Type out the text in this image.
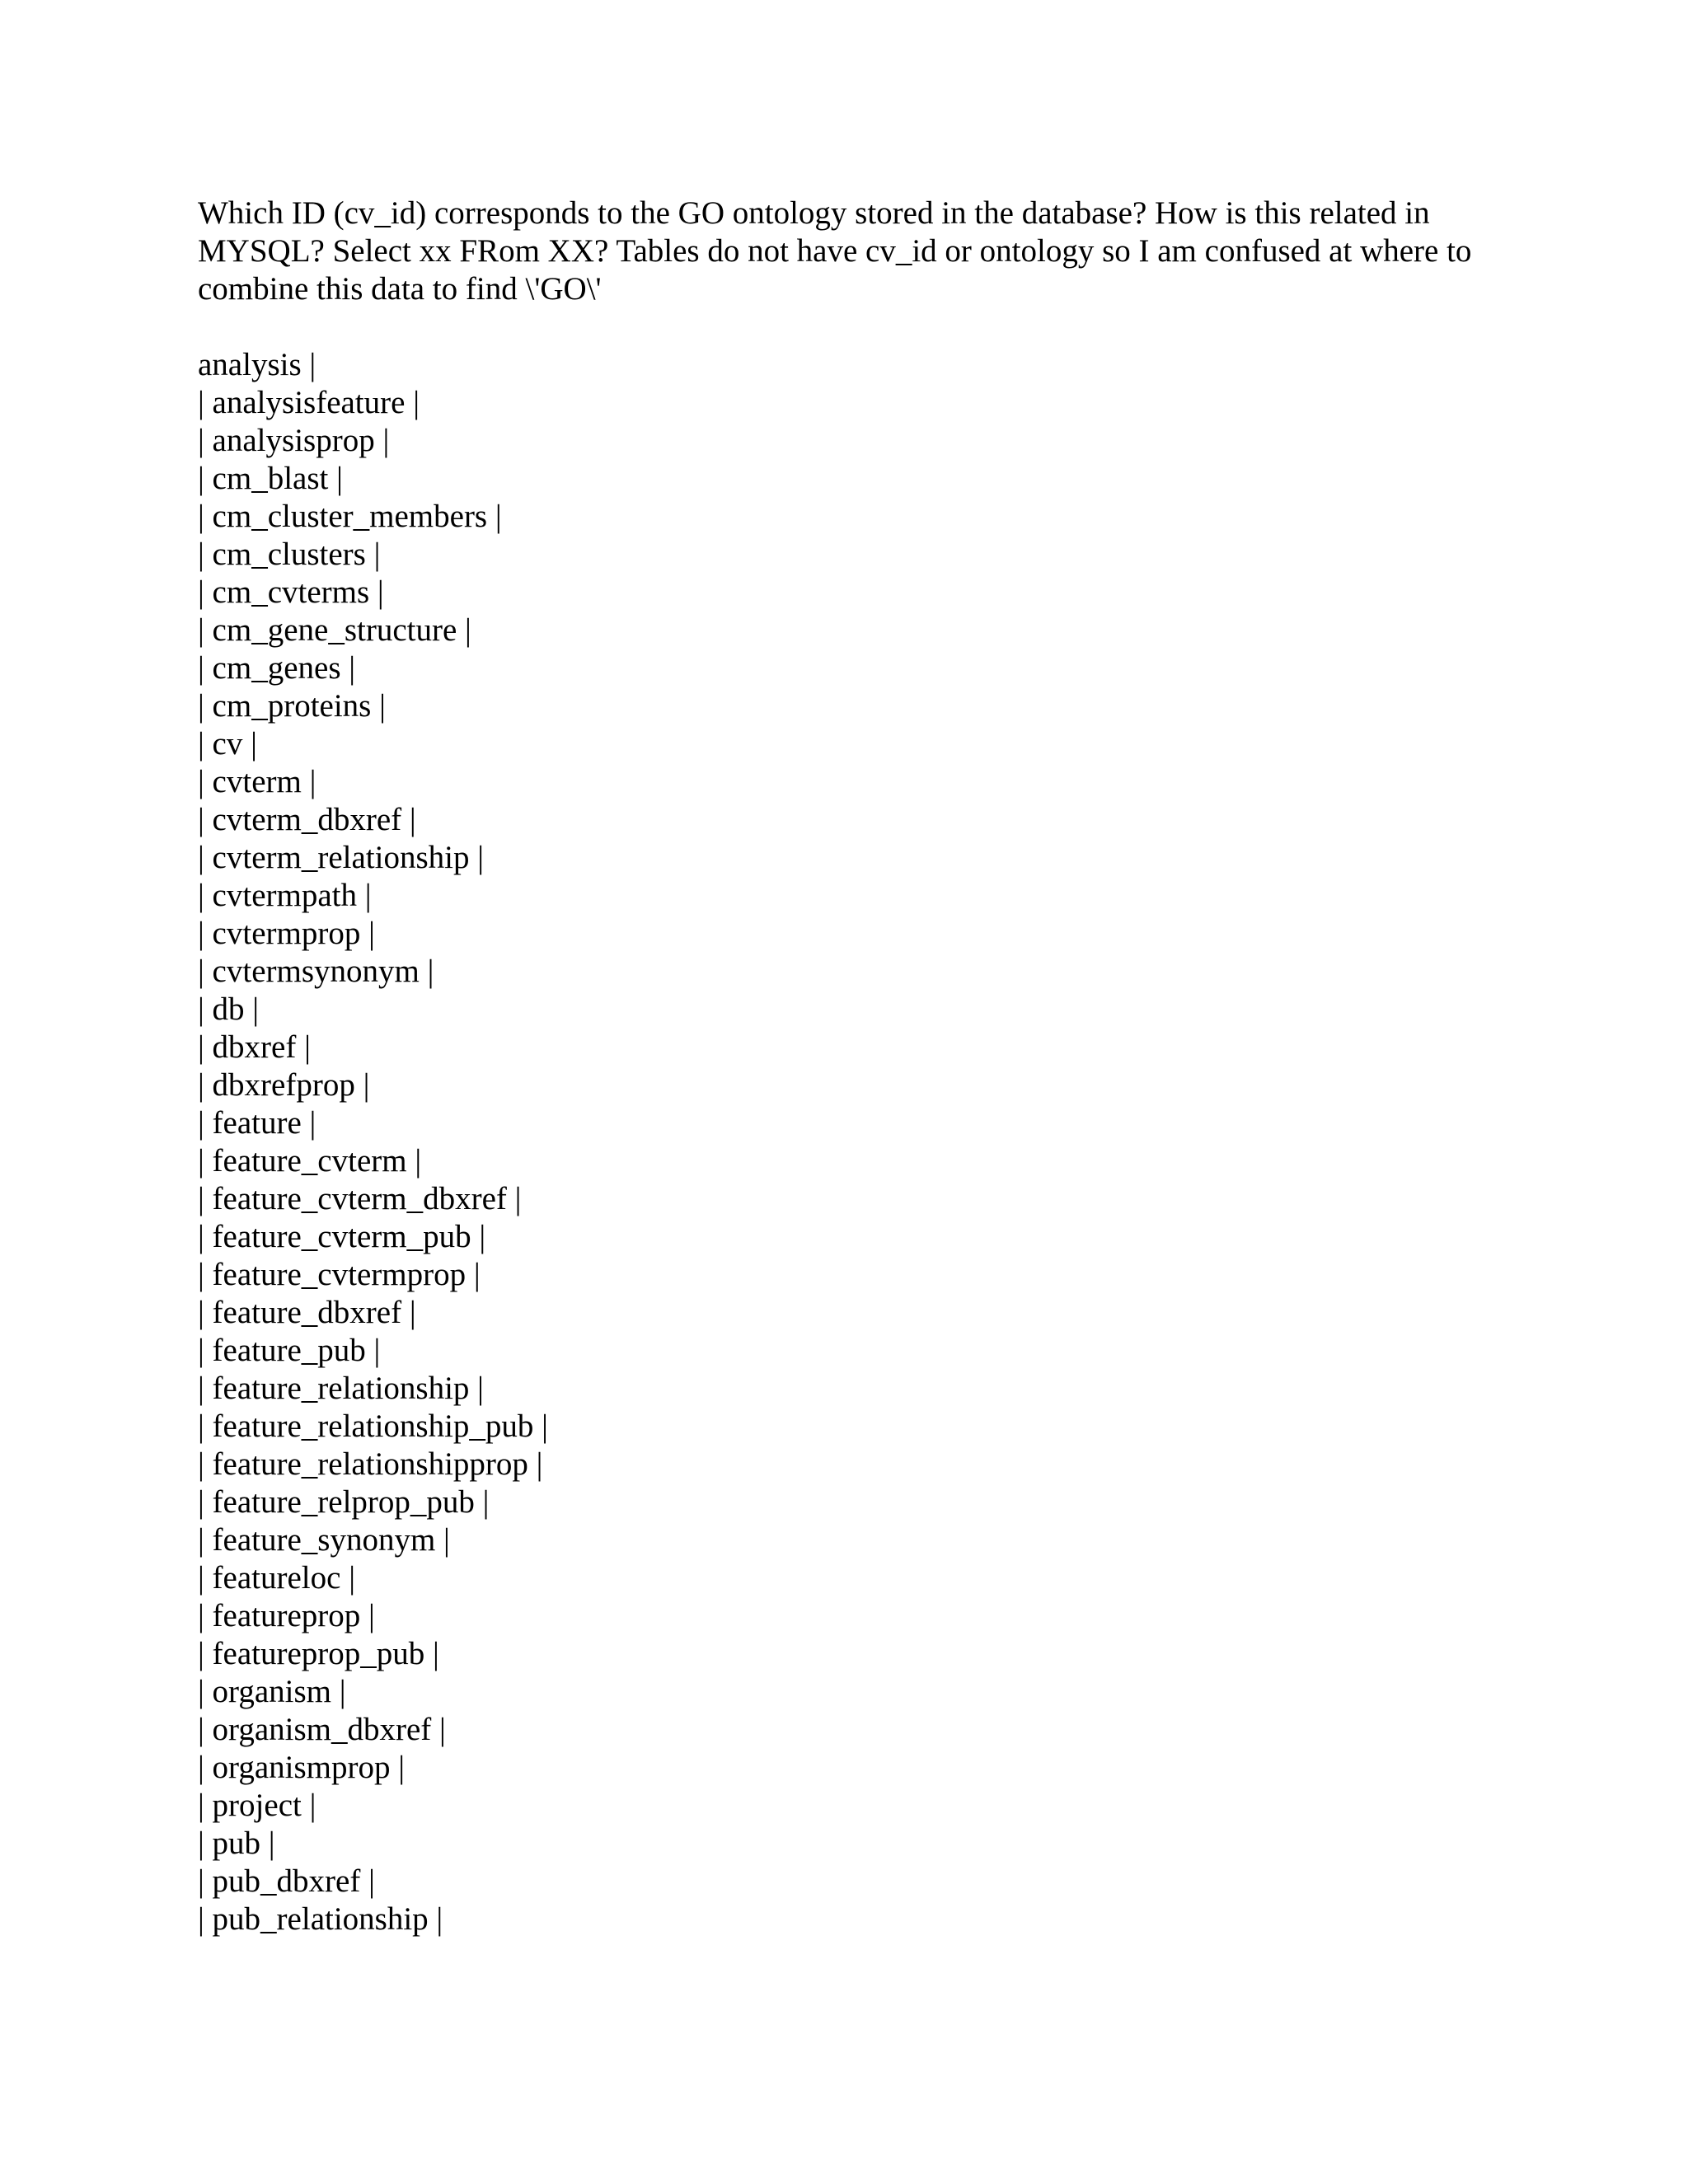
Which ID (cv_id) corresponds to the GO ontology stored in the database? How is this related in MYSQL? Select xx FRom XX? Tables do not have cv_id or ontology so I am confused at where to combine this data to find \'GO\'

analysis |
| analysisfeature |
| analysisprop |
| cm_blast |
| cm_cluster_members |
| cm_clusters |
| cm_cvterms |
| cm_gene_structure |
| cm_genes |
| cm_proteins |
| cv |
| cvterm |
| cvterm_dbxref |
| cvterm_relationship |
| cvtermpath |
| cvtermprop |
| cvtermsynonym |
| db |
| dbxref |
| dbxrefprop |
| feature |
| feature_cvterm |
| feature_cvterm_dbxref |
| feature_cvterm_pub |
| feature_cvtermprop |
| feature_dbxref |
| feature_pub |
| feature_relationship |
| feature_relationship_pub |
| feature_relationshipprop |
| feature_relprop_pub |
| feature_synonym |
| featureloc |
| featureprop |
| featureprop_pub |
| organism |
| organism_dbxref |
| organismprop |
| project |
| pub |
| pub_dbxref |
| pub_relationship |
